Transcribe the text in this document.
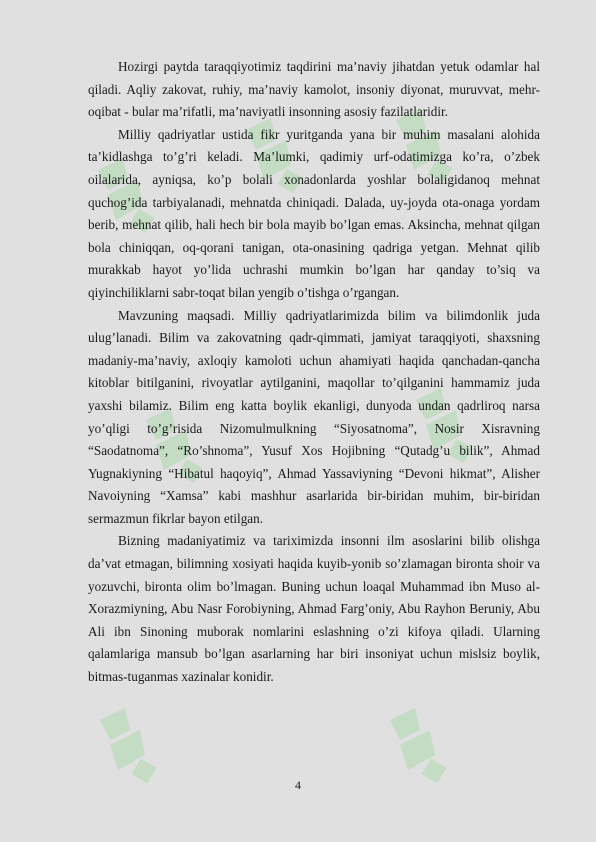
Hozirgi paytda taraqqiyotimiz taqdirini ma’naviy jihatdan yetuk odamlar hal qiladi. Aqliy zakovat, ruhiy, ma’naviy kamolot, insoniy diyonat, muruvvat, mehr-oqibat - bular ma’rifatli, ma’naviyatli insonning asosiy fazilatlaridir.

Milliy qadriyatlar ustida fikr yuritganda yana bir muhim masalani alohida ta’kidlashga to’g’ri keladi. Ma’lumki, qadimiy urf-odatimizga ko’ra, o’zbek oilalarida, ayniqsa, ko’p bolali xonadonlarda yoshlar bolaligidanoq mehnat quchog’ida tarbiyalanadi, mehnatda chiniqadi. Dalada, uy-joyda ota-onaga yordam berib, mehnat qilib, hali hech bir bola mayib bo’lgan emas. Aksincha, mehnat qilgan bola chiniqqan, oq-qorani tanigan, ota-onasining qadriga yetgan. Mehnat qilib murakkab hayot yo’lida uchrashi mumkin bo’lgan har qanday to’siq va qiyinchiliklarni sabr-toqat bilan yengib o’tishga o’rgangan.

Mavzuning maqsadi. Milliy qadriyatlarimizda bilim va bilimdonlik juda ulug’lanadi. Bilim va zakovatning qadr-qimmati, jamiyat taraqqiyoti, shaxsning madaniy-ma’naviy, axloqiy kamoloti uchun ahamiyati haqida qanchadan-qancha kitoblar bitilganini, rivoyatlar aytilganini, maqollar to’qilganini hammamiz juda yaxshi bilamiz. Bilim eng katta boylik ekanligi, dunyoda undan qadrliroq narsa yo’qligi to’g’risida Nizomulmulkning “Siyosatnoma”, Nosir Xisravning “Saodatnoma”, “Ro’shnoma”, Yusuf Xos Hojibning “Qutadg’u bilik”, Ahmad Yugnakiyning “Hibatul haqoyiq”, Ahmad Yassaviyning “Devoni hikmat”, Alisher Navoiyning “Xamsa” kabi mashhur asarlarida bir-biridan muhim, bir-biridan sermazmun fikrlar bayon etilgan.

Bizning madaniyatimiz va tariximizda insonni ilm asoslarini bilib olishga da’vat etmagan, bilimning xosiyati haqida kuyib-yonib so’zlamagan bironta shoir va yozuvchi, bironta olim bo’lmagan. Buning uchun loaqal Muhammad ibn Muso al-Xorazmiyning, Abu Nasr Forobiyning, Ahmad Farg’oniy, Abu Rayhon Beruniy, Abu Ali ibn Sinoning muborak nomlarini eslashning o’zi kifoya qiladi. Ularning qalamlariga mansub bo’lgan asarlarning har biri insoniyat uchun mislsiz boylik, bitmas-tuganmas xazinalar konidir.

4
